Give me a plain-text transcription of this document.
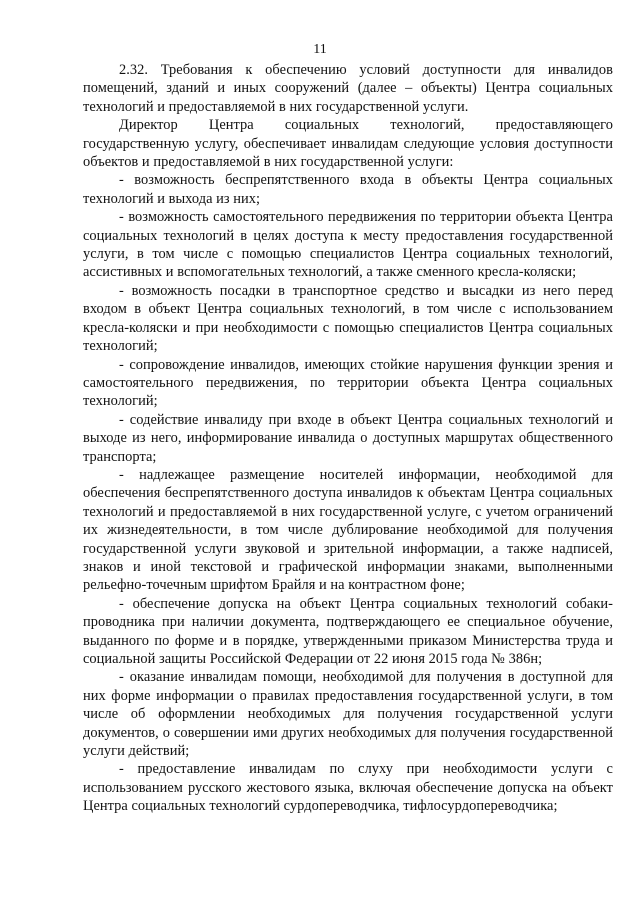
11

2.32. Требования к обеспечению условий доступности для инвалидов помещений, зданий и иных сооружений (далее – объекты) Центра социальных технологий и предоставляемой в них государственной услуги.

Директор Центра социальных технологий, предоставляющего государственную услугу, обеспечивает инвалидам следующие условия доступности объектов и предоставляемой в них государственной услуги:

- возможность беспрепятственного входа в объекты Центра социальных технологий и выхода из них;

- возможность самостоятельного передвижения по территории объекта Центра социальных технологий в целях доступа к месту предоставления государственной услуги, в том числе с помощью специалистов Центра социальных технологий, ассистивных и вспомогательных технологий, а также сменного кресла-коляски;

- возможность посадки в транспортное средство и высадки из него перед входом в объект Центра социальных технологий, в том числе с использованием кресла-коляски и при необходимости с помощью специалистов Центра социальных технологий;

- сопровождение инвалидов, имеющих стойкие нарушения функции зрения и самостоятельного передвижения, по территории объекта Центра социальных технологий;

- содействие инвалиду при входе в объект Центра социальных технологий и выходе из него, информирование инвалида о доступных маршрутах общественного транспорта;

- надлежащее размещение носителей информации, необходимой для обеспечения беспрепятственного доступа инвалидов к объектам Центра социальных технологий и предоставляемой в них государственной услуге, с учетом ограничений их жизнедеятельности, в том числе дублирование необходимой для получения государственной услуги звуковой и зрительной информации, а также надписей, знаков и иной текстовой и графической информации знаками, выполненными рельефно-точечным шрифтом Брайля и на контрастном фоне;

- обеспечение допуска на объект Центра социальных технологий собаки-проводника при наличии документа, подтверждающего ее специальное обучение, выданного по форме и в порядке, утвержденными приказом Министерства труда и социальной защиты Российской Федерации от 22 июня 2015 года № 386н;

- оказание инвалидам помощи, необходимой для получения в доступной для них форме информации о правилах предоставления государственной услуги, в том числе об оформлении необходимых для получения государственной услуги документов, о совершении ими других необходимых для получения государственной услуги действий;

- предоставление инвалидам по слуху при необходимости услуги с использованием русского жестового языка, включая обеспечение допуска на объект Центра социальных технологий сурдопереводчика, тифлосурдопереводчика;
